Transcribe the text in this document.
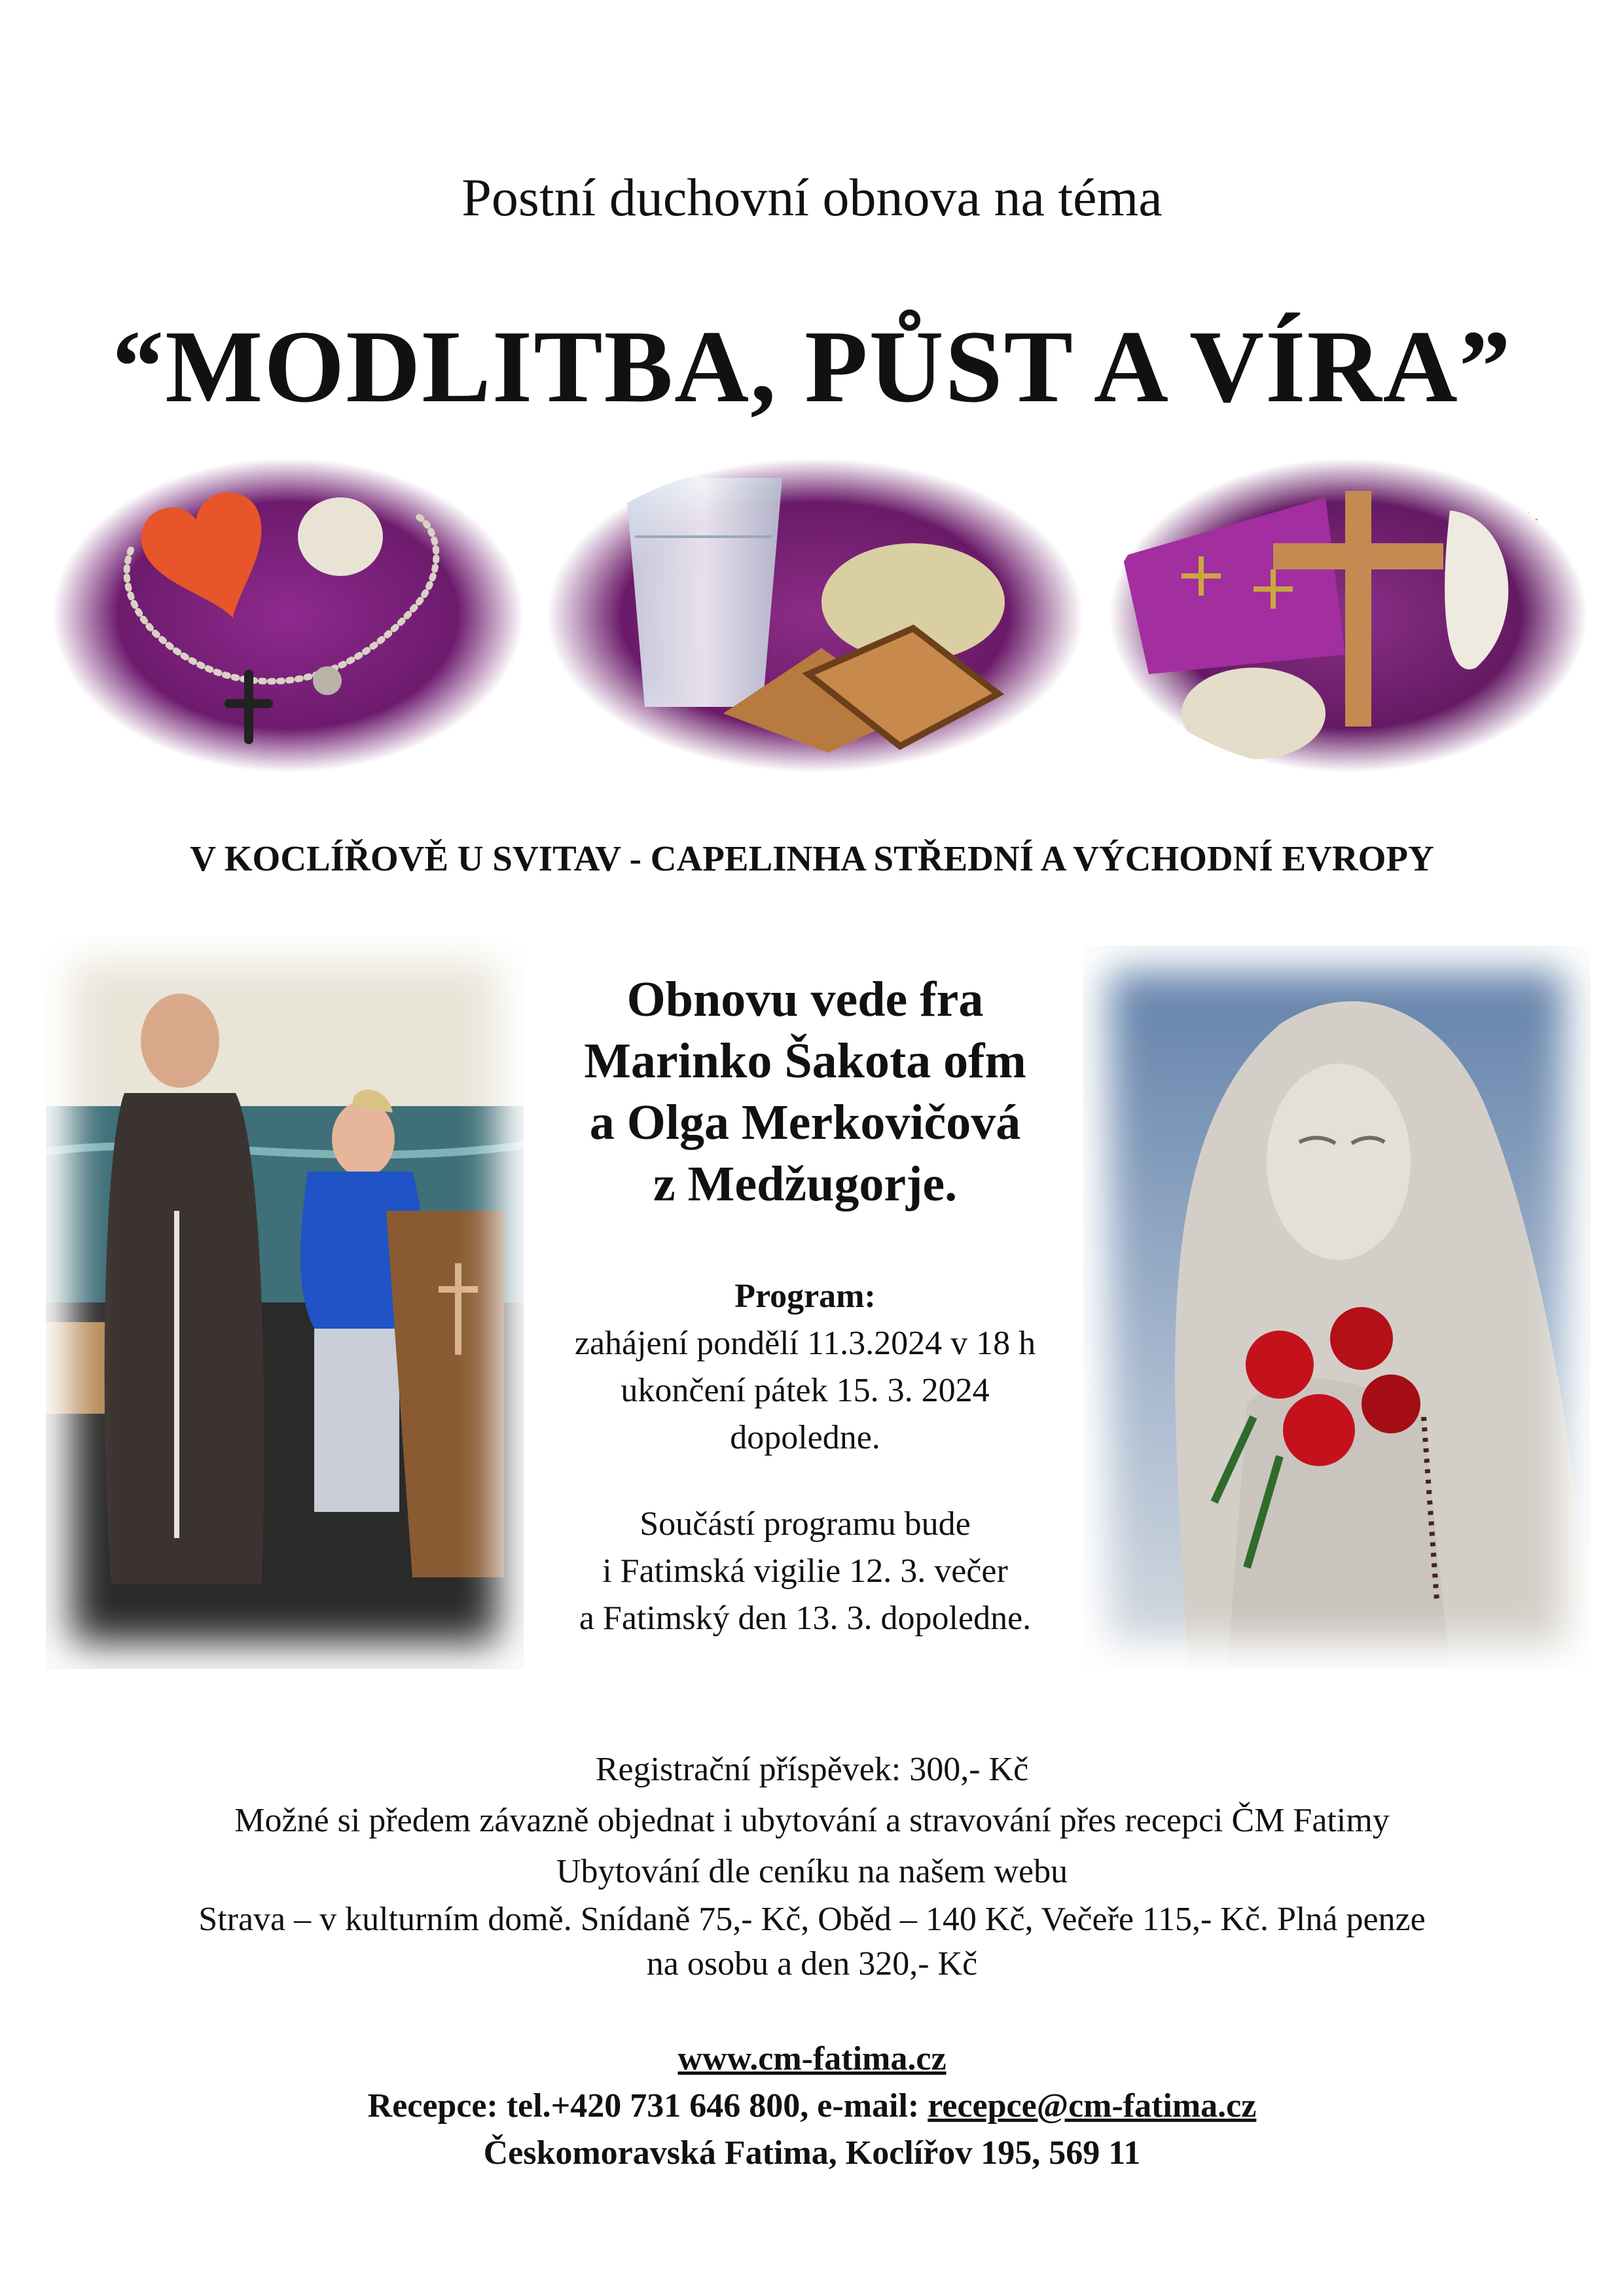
Postní duchovní obnova na téma
“MODLITBA, PŮST A VÍRA”
V KOCLÍŘOVĚ U SVITAV - CAPELINHA STŘEDNÍ A VÝCHODNÍ EVROPY
Obnovu vede fra
Marinko Šakota ofm
a Olga Merkovičová
z Medžugorje.
Program:
zahájení pondělí 11.3.2024 v 18 h
ukončení pátek 15. 3. 2024
dopoledne.
Součástí programu bude
i Fatimská vigilie 12. 3. večer
a Fatimský den 13. 3. dopoledne.
Registrační příspěvek: 300,- Kč
Možné si předem závazně objednat i ubytování a stravování přes recepci ČM Fatimy
Ubytování dle ceníku na našem webu
Strava – v kulturním domě. Snídaně 75,- Kč, Oběd – 140 Kč, Večeře 115,- Kč. Plná penze
na osobu a den 320,- Kč
www.cm-fatima.cz
Recepce: tel.+420 731 646 800, e-mail: recepce@cm-fatima.cz
Českomoravská Fatima, Koclířov 195, 569 11
